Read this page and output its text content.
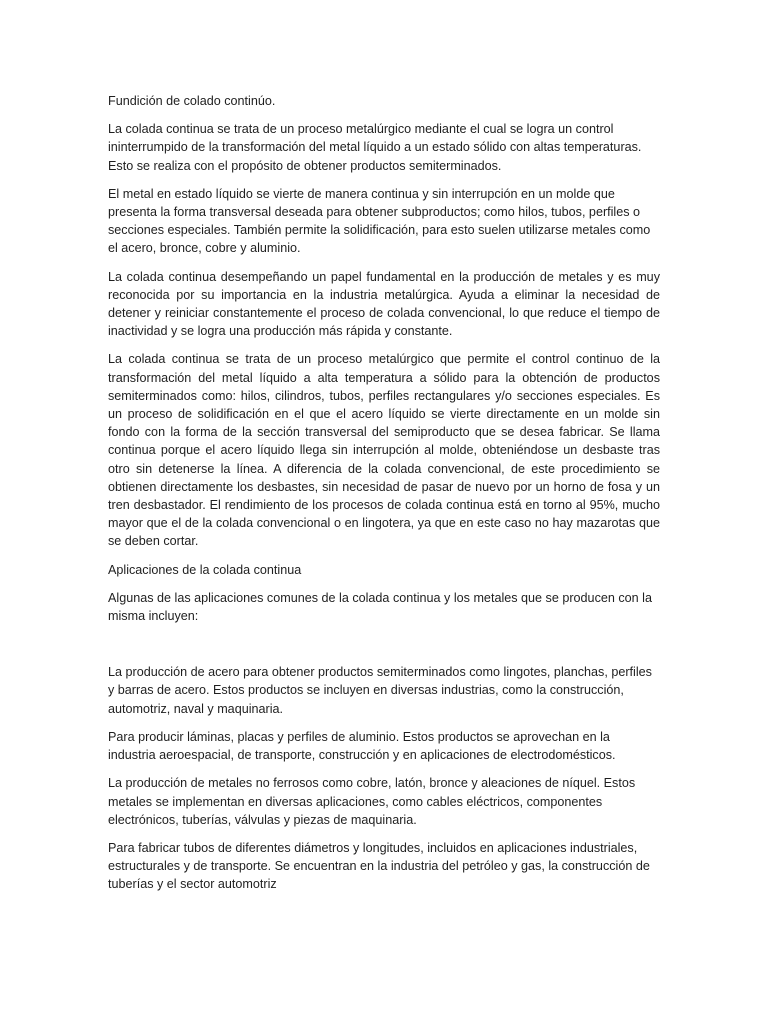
Fundición de colado continúo.

La colada continua se trata de un proceso metalúrgico mediante el cual se logra un control ininterrumpido de la transformación del metal líquido a un estado sólido con altas temperaturas. Esto se realiza con el propósito de obtener productos semiterminados.

El metal en estado líquido se vierte de manera continua y sin interrupción en un molde que presenta la forma transversal deseada para obtener subproductos; como hilos, tubos, perfiles o secciones especiales. También permite la solidificación, para esto suelen utilizarse metales como el acero, bronce, cobre y aluminio.

La colada continua desempeñando un papel fundamental en la producción de metales y es muy reconocida por su importancia en la industria metalúrgica. Ayuda a eliminar la necesidad de detener y reiniciar constantemente el proceso de colada convencional, lo que reduce el tiempo de inactividad y se logra una producción más rápida y constante.

La colada continua se trata de un proceso metalúrgico que permite el control continuo de la transformación del metal líquido a alta temperatura a sólido para la obtención de productos semiterminados como: hilos, cilindros, tubos, perfiles rectangulares y/o secciones especiales. Es un proceso de solidificación en el que el acero líquido se vierte directamente en un molde sin fondo con la forma de la sección transversal del semiproducto que se desea fabricar. Se llama continua porque el acero líquido llega sin interrupción al molde, obteniéndose un desbaste tras otro sin detenerse la línea. A diferencia de la colada convencional, de este procedimiento se obtienen directamente los desbastes, sin necesidad de pasar de nuevo por un horno de fosa y un tren desbastador. El rendimiento de los procesos de colada continua está en torno al 95%, mucho mayor que el de la colada convencional o en lingotera, ya que en este caso no hay mazarotas que se deben cortar.

Aplicaciones de la colada continua

Algunas de las aplicaciones comunes de la colada continua y los metales que se producen con la misma incluyen:

La producción de acero para obtener productos semiterminados como lingotes, planchas, perfiles y barras de acero. Estos productos se incluyen en diversas industrias, como la construcción, automotriz, naval y maquinaria.

Para producir láminas, placas y perfiles de aluminio. Estos productos se aprovechan en la industria aeroespacial, de transporte, construcción y en aplicaciones de electrodomésticos.

La producción de metales no ferrosos como cobre, latón, bronce y aleaciones de níquel. Estos metales se implementan en diversas aplicaciones, como cables eléctricos, componentes electrónicos, tuberías, válvulas y piezas de maquinaria.

Para fabricar tubos de diferentes diámetros y longitudes, incluidos en aplicaciones industriales, estructurales y de transporte. Se encuentran en la industria del petróleo y gas, la construcción de tuberías y el sector automotriz
